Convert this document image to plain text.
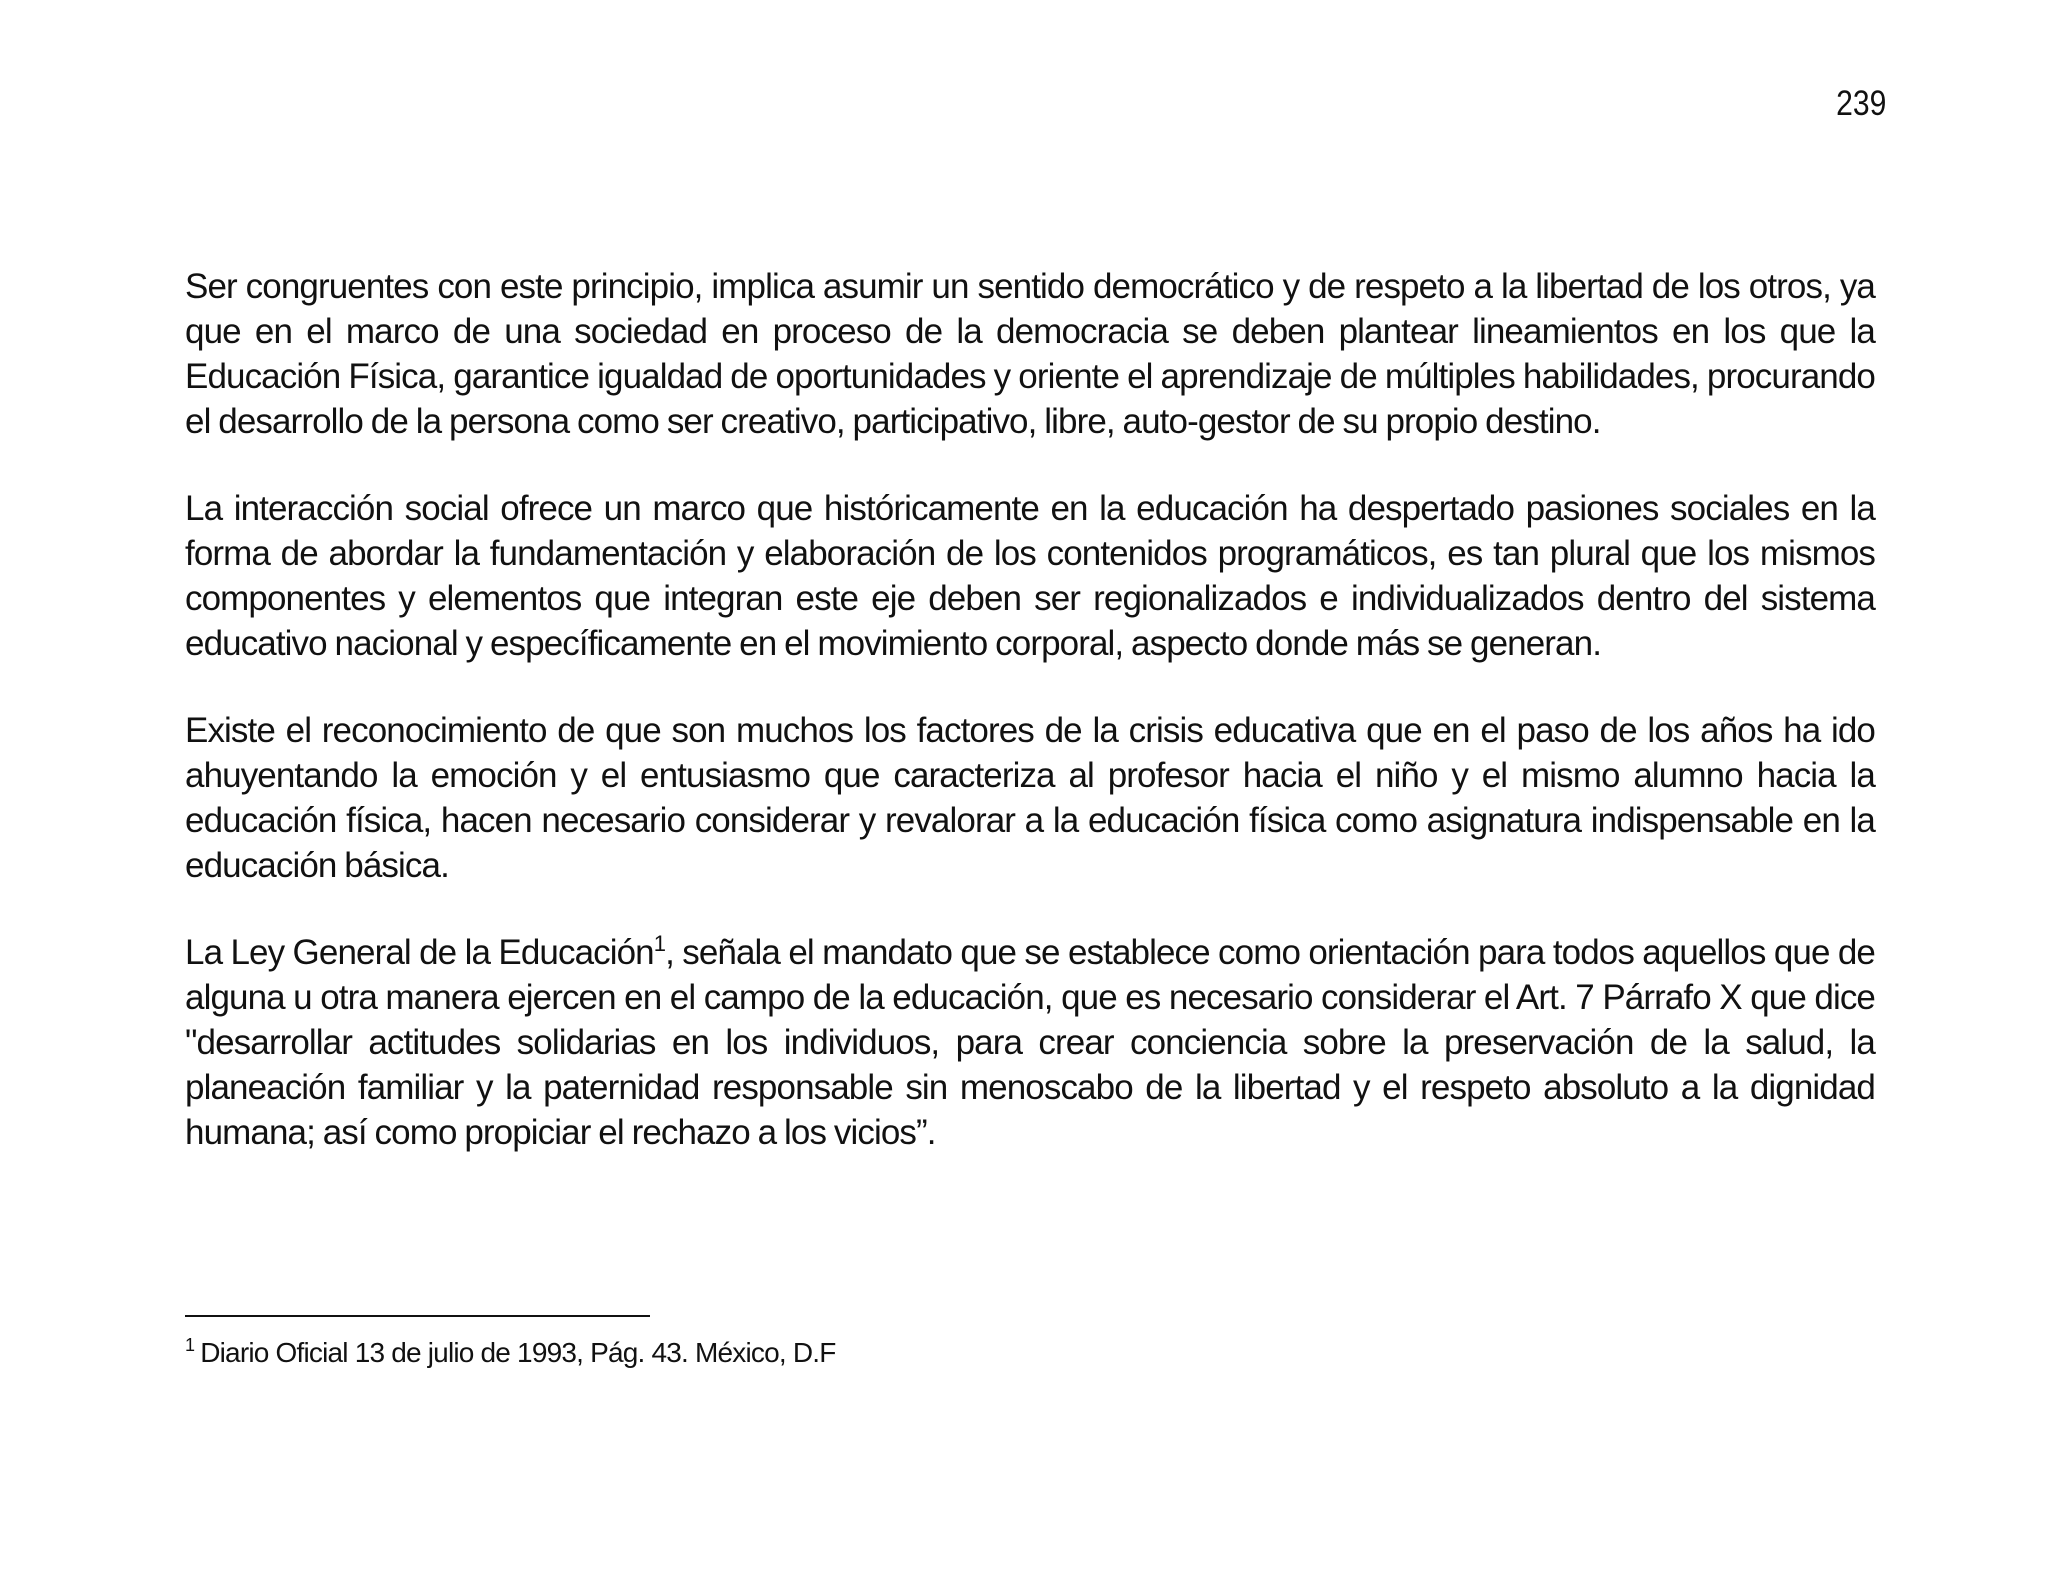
239

Ser congruentes con este principio, implica asumir un sentido democrático y de respeto a la libertad de los otros, ya que en el marco de una sociedad en proceso de la democracia se deben plantear lineamientos en los que la Educación Física, garantice igualdad de oportunidades y oriente el aprendizaje de múltiples habilidades, procurando el desarrollo de la persona como ser creativo, participativo, libre, auto-gestor de su propio destino.

La interacción social ofrece un marco que históricamente en la educación ha despertado pasiones sociales en la forma de abordar la fundamentación y elaboración de los contenidos programáticos, es tan plural que los mismos componentes y elementos que integran este eje deben ser regionalizados e individualizados dentro del sistema educativo nacional y específicamente en el movimiento corporal, aspecto donde más se generan.

Existe el reconocimiento de que son muchos los factores de la crisis educativa que en el paso de los años ha ido ahuyentando la emoción y el entusiasmo que caracteriza al profesor hacia el niño y el mismo alumno hacia la educación física, hacen necesario considerar y revalorar a la educación física como asignatura indispensable en la educación básica.

La Ley General de la Educación$^1$, señala el mandato que se establece como orientación para todos aquellos que de alguna u otra manera ejercen en el campo de la educación, que es necesario considerar el Art. 7 Párrafo X que dice "desarrollar actitudes solidarias en los individuos, para crear conciencia sobre la preservación de la salud, la planeación familiar y la paternidad responsable sin menoscabo de la libertad y el respeto absoluto a la dignidad humana; así como propiciar el rechazo a los vicios”.

$^1$ Diario Oficial 13 de julio de 1993, Pág. 43. México, D.F
